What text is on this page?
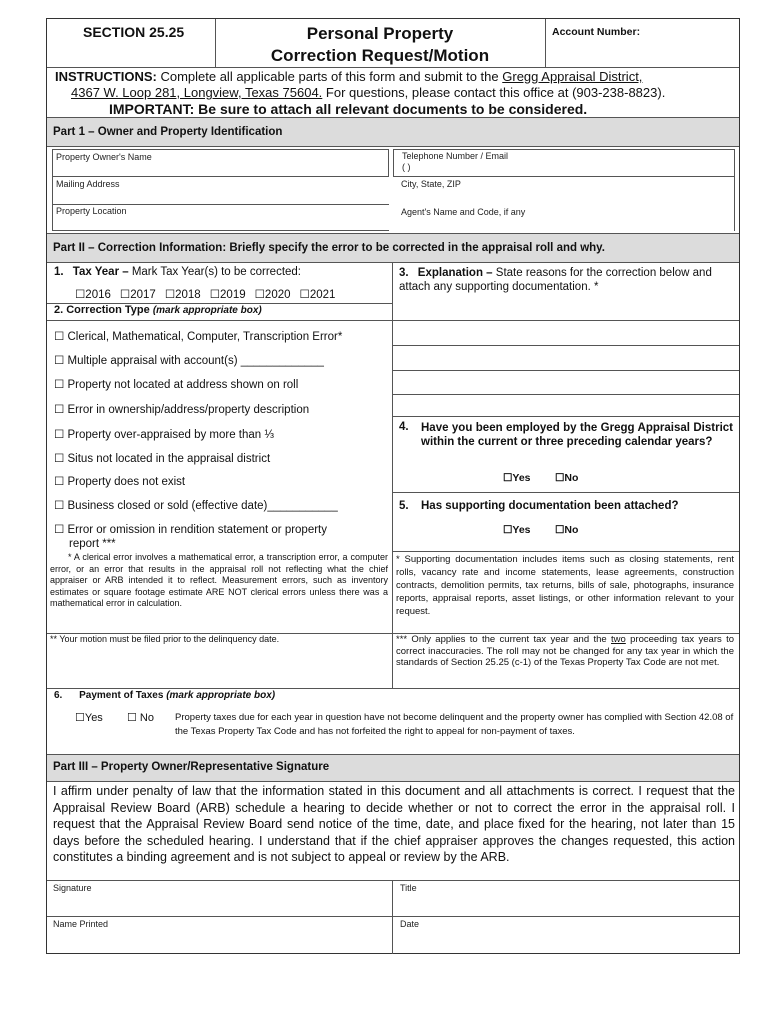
SECTION 25.25	Personal Property
Correction Request/Motion
Account Number:
INSTRUCTIONS: Complete all applicable parts of this form and submit to the Gregg Appraisal District,
4367 W. Loop 281, Longview, Texas 75604. For questions, please contact this office at (903-238-8823).
IMPORTANT: Be sure to attach all relevant documents to be considered.
Part 1 – Owner and Property Identification
Property Owner's Name	Telephone Number / Email
( )
Mailing Address	City, State, ZIP
Property Location	Agent's Name and Code, if any
Part II – Correction Information: Briefly specify the error to be corrected in the appraisal roll and why.
1. Tax Year – Mark Tax Year(s) to be corrected:
☐2016 ☐2017 ☐2018 ☐2019 ☐2020 ☐2021
2. Correction Type (mark appropriate box)
☐ Clerical, Mathematical, Computer, Transcription Error*
☐ Multiple appraisal with account(s) _____________
☐ Property not located at address shown on roll
☐ Error in ownership/address/property description
☐ Property over-appraised by more than ⅓
☐ Situs not located in the appraisal district
☐ Property does not exist
☐ Business closed or sold (effective date)___________
☐ Error or omission in rendition statement or property
report ***
* A clerical error involves a mathematical error, a transcription error, a computer error, or an error that results in the appraisal roll not reflecting what the chief appraiser or ARB intended it to reflect. Measurement errors, such as inventory estimates or square footage estimate ARE NOT clerical errors unless there was a mathematical error in calculation.
** Your motion must be filed prior to the delinquency date.
3. Explanation – State reasons for the correction below and attach any supporting documentation. *
4. Have you been employed by the Gregg Appraisal District within the current or three preceding calendar years?
☐Yes ☐No
5. Has supporting documentation been attached?
☐Yes ☐No
* Supporting documentation includes items such as closing statements, rent rolls, vacancy rate and income statements, lease agreements, construction contracts, demolition permits, tax returns, bills of sale, photographs, insurance reports, appraisal reports, asset listings, or other information relevant to your request.
*** Only applies to the current tax year and the two proceeding tax years to correct inaccuracies. The roll may not be changed for any tax year in which the standards of Section 25.25 (c-1) of the Texas Property Tax Code are not met.
6. Payment of Taxes (mark appropriate box)
☐Yes ☐ No Property taxes due for each year in question have not become delinquent and the property owner has complied with Section 42.08 of the Texas Property Tax Code and has not forfeited the right to appeal for non-payment of taxes.
Part III – Property Owner/Representative Signature
I affirm under penalty of law that the information stated in this document and all attachments is correct. I request that the Appraisal Review Board (ARB) schedule a hearing to decide whether or not to correct the error in the appraisal roll. I request that the Appraisal Review Board send notice of the time, date, and place fixed for the hearing, not later than 15 days before the scheduled hearing. I understand that if the chief appraiser approves the changes requested, this action constitutes a binding agreement and is not subject to appeal or review by the ARB.
Signature	Title
Name Printed	Date
